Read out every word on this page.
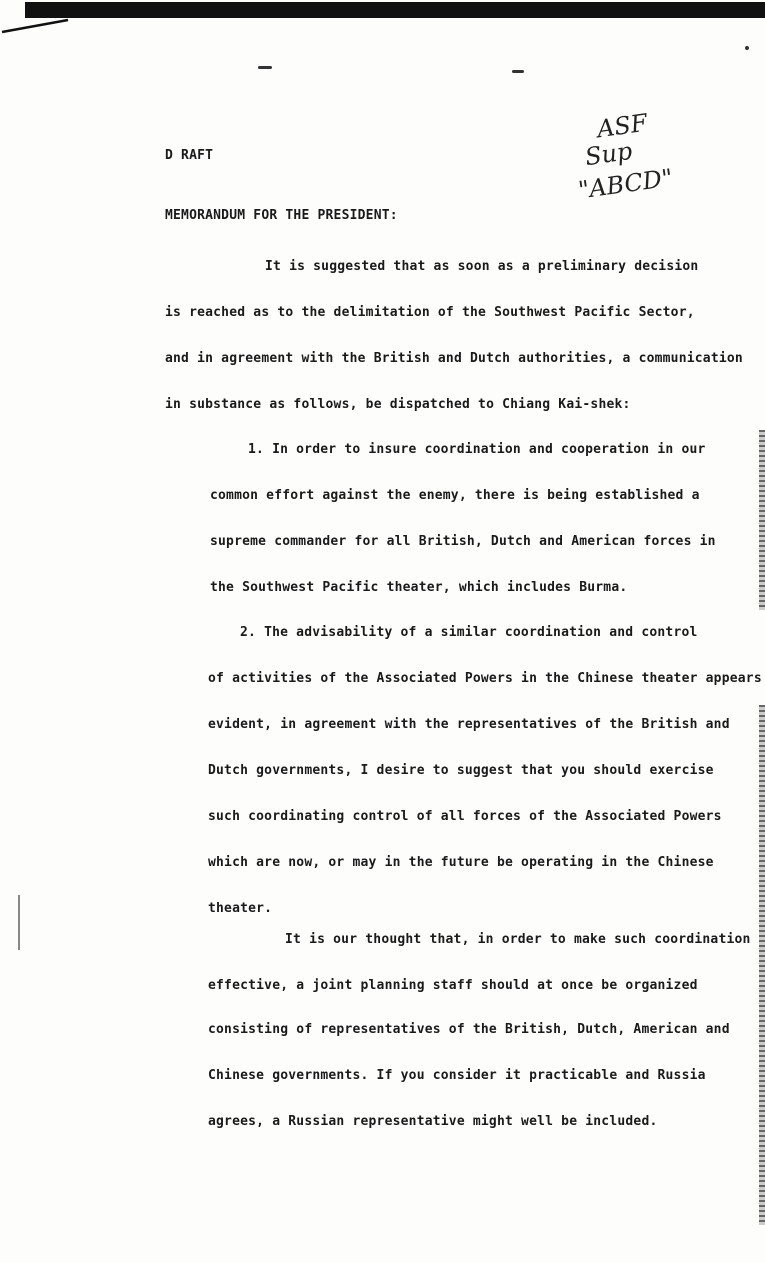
ASF
Sup
"ABCD"
D RAFT
MEMORANDUM FOR THE PRESIDENT:
It is suggested that as soon as a preliminary decision
is reached as to the delimitation of the Southwest Pacific Sector,
and in agreement with the British and Dutch authorities, a communication
in substance as follows, be dispatched to Chiang Kai-shek:
1. In order to insure coordination and cooperation in our
common effort against the enemy, there is being established a
supreme commander for all British, Dutch and American forces in
the Southwest Pacific theater, which includes Burma.
2. The advisability of a similar coordination and control
of activities of the Associated Powers in the Chinese theater appears
evident, in agreement with the representatives of the British and
Dutch governments, I desire to suggest that you should exercise
such coordinating control of all forces of the Associated Powers
which are now, or may in the future be operating in the Chinese
theater.
It is our thought that, in order to make such coordination
effective, a joint planning staff should at once be organized
consisting of representatives of the British, Dutch, American and
Chinese governments. If you consider it practicable and Russia
agrees, a Russian representative might well be included.
